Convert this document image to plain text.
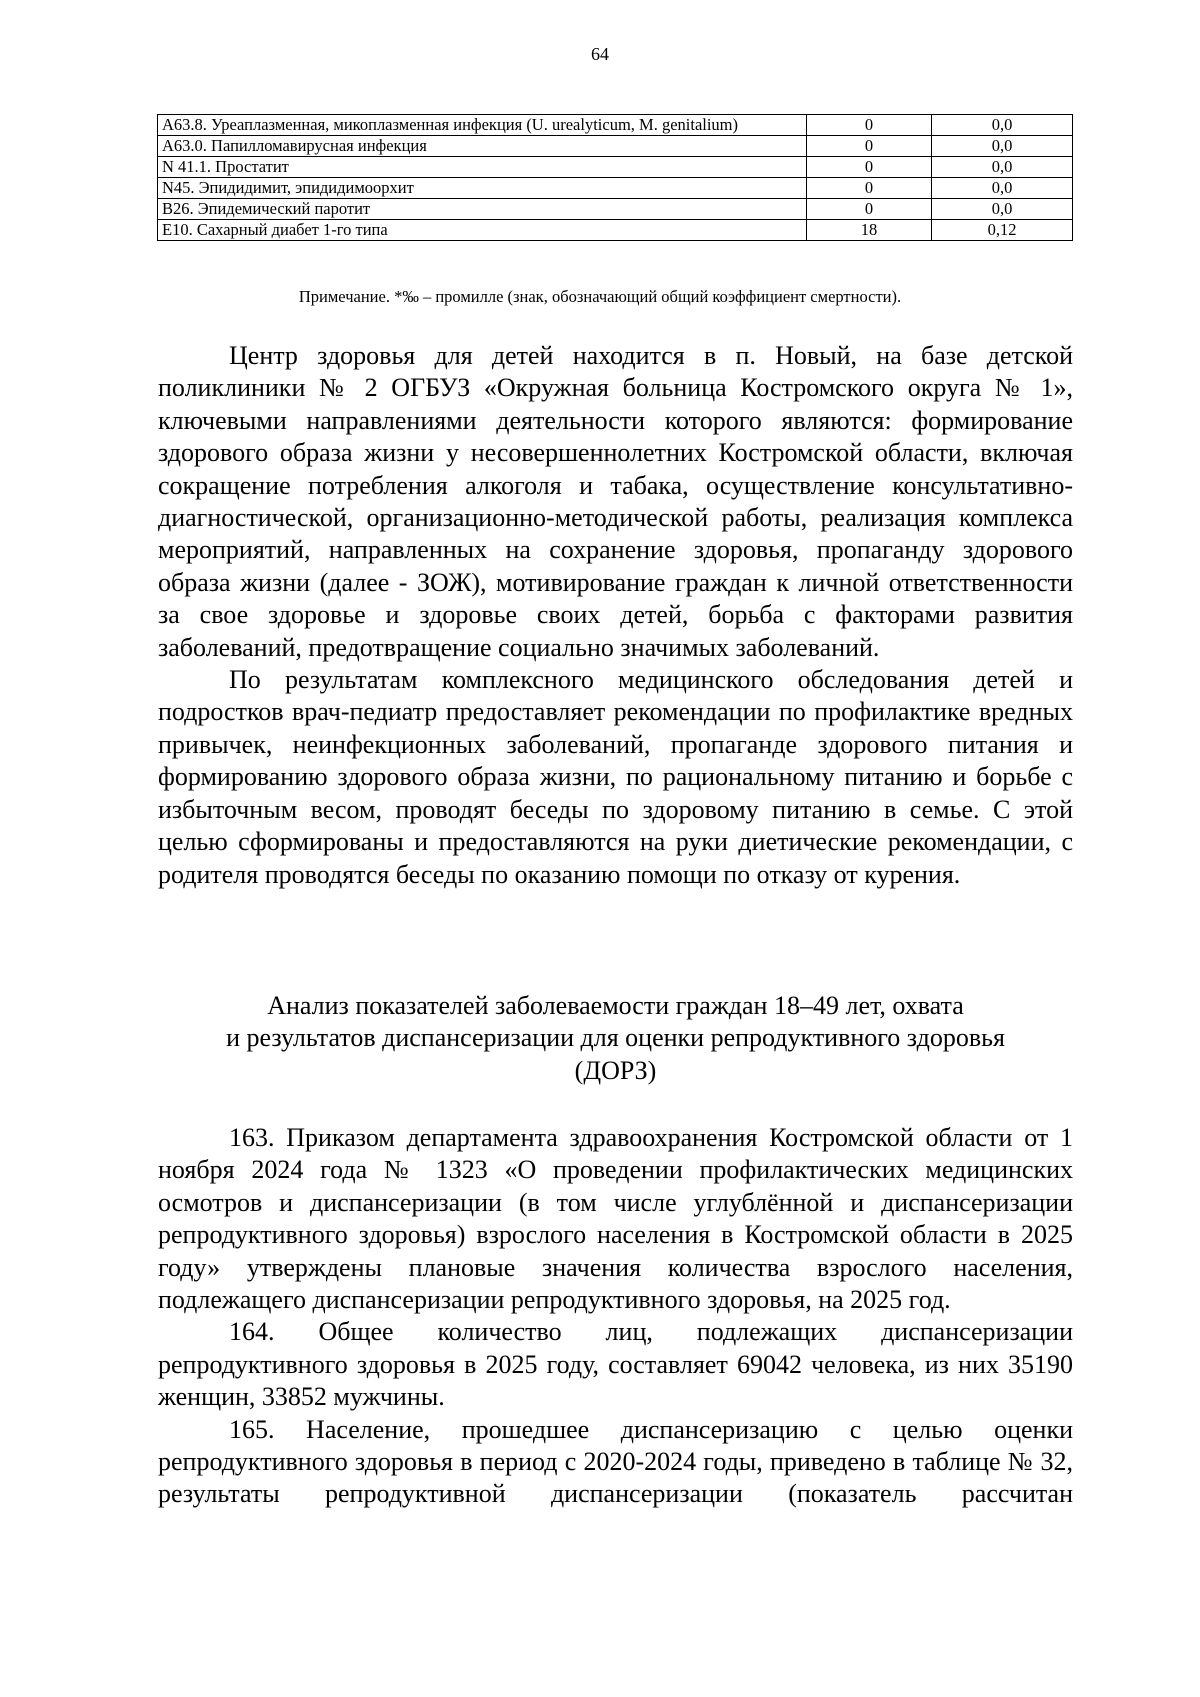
64
А63.8. Уреаплазменная, микоплазменная инфекция (U. urealyticum, M. genitalium)	0	0,0
А63.0. Папилломавирусная инфекция	0	0,0
N 41.1. Простатит	0	0,0
N45. Эпидидимит, эпидидимоорхит	0	0,0
В26. Эпидемический паротит	0	0,0
Е10. Сахарный диабет 1-го типа	18	0,12
Примечание. *‰ – промилле (знак, обозначающий общий коэффициент смертности).

Центр здоровья для детей находится в п. Новый, на базе детской поликлиники № 2 ОГБУЗ «Окружная больница Костромского округа № 1», ключевыми направлениями деятельности которого являются: формирование здорового образа жизни у несовершеннолетних Костромской области, включая сокращение потребления алкоголя и табака, осуществление консультативно-диагностической, организационно-методической работы, реализация комплекса мероприятий, направленных на сохранение здоровья, пропаганду здорового образа жизни (далее - ЗОЖ), мотивирование граждан к личной ответственности за свое здоровье и здоровье своих детей, борьба с факторами развития заболеваний, предотвращение социально значимых заболеваний.

По результатам комплексного медицинского обследования детей и подростков врач-педиатр предоставляет рекомендации по профилактике вредных привычек, неинфекционных заболеваний, пропаганде здорового питания и формированию здорового образа жизни, по рациональному питанию и борьбе с избыточным весом, проводят беседы по здоровому питанию в семье. С этой целью сформированы и предоставляются на руки диетические рекомендации, с родителя проводятся беседы по оказанию помощи по отказу от курения.

Анализ показателей заболеваемости граждан 18–49 лет, охвата
и результатов диспансеризации для оценки репродуктивного здоровья
(ДОРЗ)

163. Приказом департамента здравоохранения Костромской области от 1 ноября 2024 года № 1323 «О проведении профилактических медицинских осмотров и диспансеризации (в том числе углублённой и диспансеризации репродуктивного здоровья) взрослого населения в Костромской области в 2025 году» утверждены плановые значения количества взрослого населения, подлежащего диспансеризации репродуктивного здоровья, на 2025 год.

164. Общее количество лиц, подлежащих диспансеризации репродуктивного здоровья в 2025 году, составляет 69042 человека, из них 35190 женщин, 33852 мужчины.

165. Население, прошедшее диспансеризацию с целью оценки репродуктивного здоровья в период с 2020-2024 годы, приведено в таблице № 32, результаты репродуктивной диспансеризации (показатель рассчитан
